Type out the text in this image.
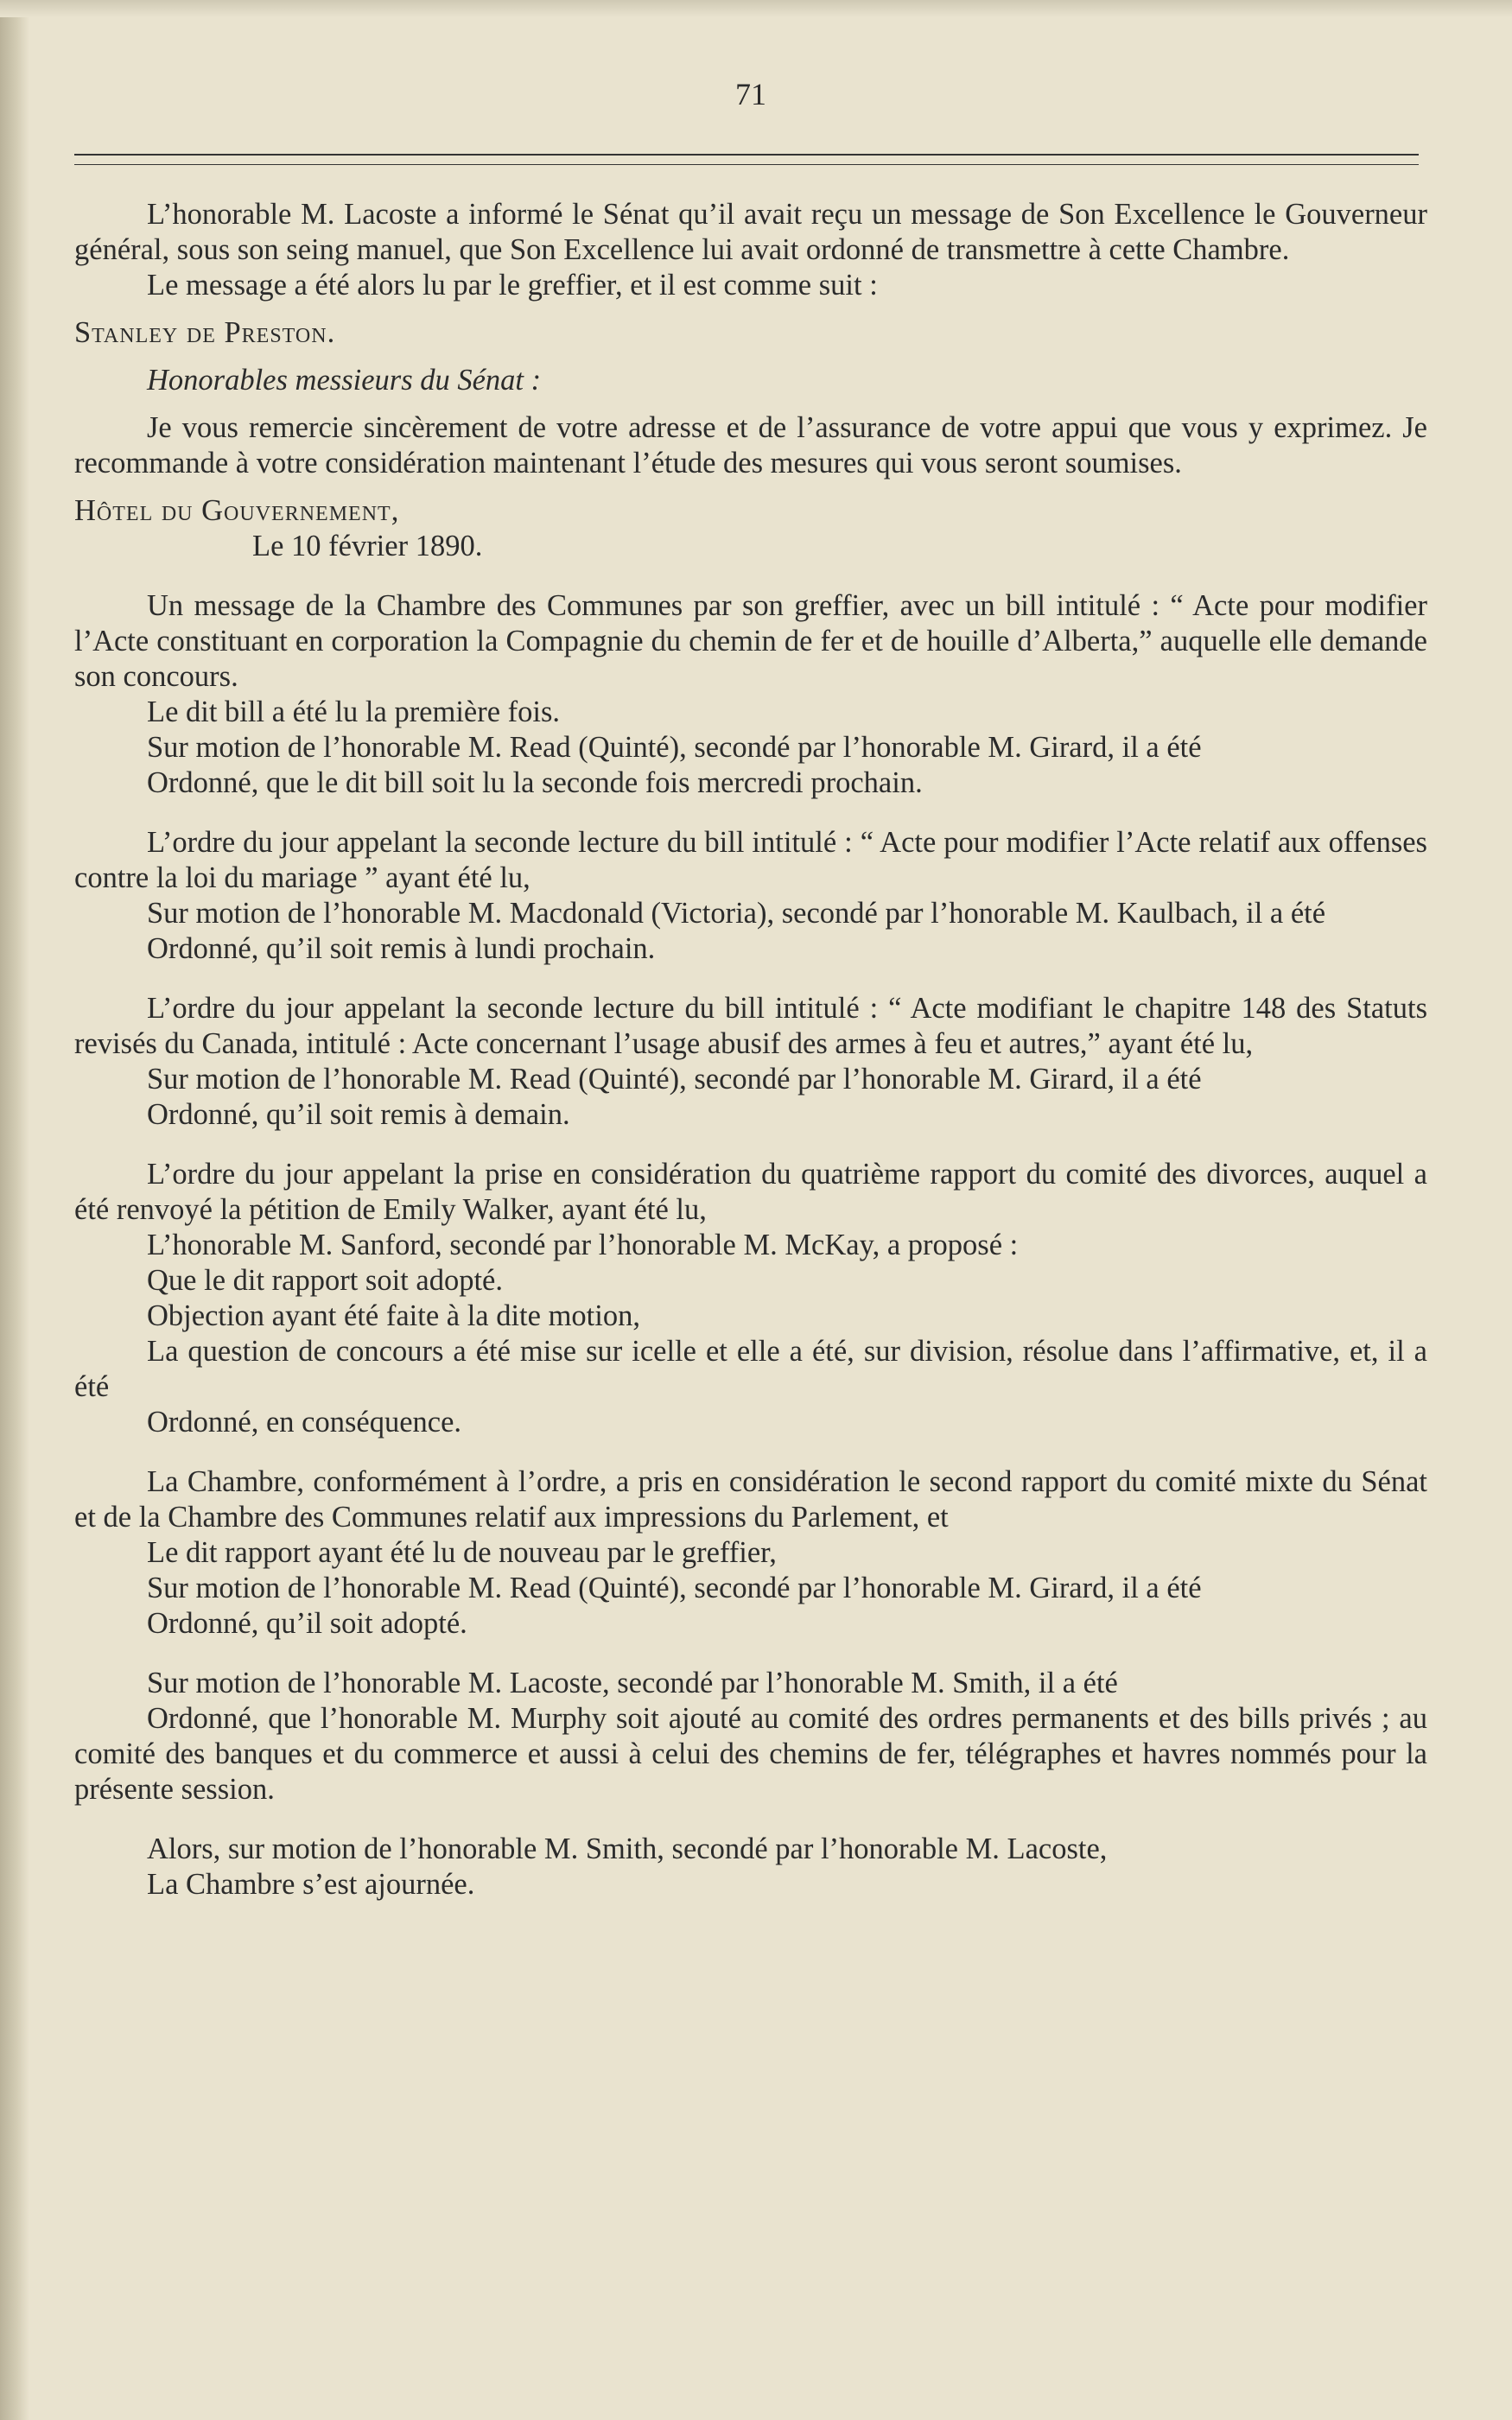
71

L’honorable M. Lacoste a informé le Sénat qu’il avait reçu un message de Son Excellence le Gouverneur général, sous son seing manuel, que Son Excellence lui avait ordonné de transmettre à cette Chambre.

Le message a été alors lu par le greffier, et il est comme suit :

Stanley de Preston.

Honorables messieurs du Sénat :

Je vous remercie sincèrement de votre adresse et de l’assurance de votre appui que vous y exprimez. Je recommande à votre considération maintenant l’étude des mesures qui vous seront soumises.

Hôtel du Gouvernement,

Le 10 février 1890.

Un message de la Chambre des Communes par son greffier, avec un bill intitulé : “ Acte pour modifier l’Acte constituant en corporation la Compagnie du chemin de fer et de houille d’Alberta,” auquelle elle demande son concours.

Le dit bill a été lu la première fois.

Sur motion de l’honorable M. Read (Quinté), secondé par l’honorable M. Girard, il a été

Ordonné, que le dit bill soit lu la seconde fois mercredi prochain.

L’ordre du jour appelant la seconde lecture du bill intitulé : “ Acte pour modifier l’Acte relatif aux offenses contre la loi du mariage ” ayant été lu,

Sur motion de l’honorable M. Macdonald (Victoria), secondé par l’honorable M. Kaulbach, il a été

Ordonné, qu’il soit remis à lundi prochain.

L’ordre du jour appelant la seconde lecture du bill intitulé : “ Acte modifiant le chapitre 148 des Statuts revisés du Canada, intitulé : Acte concernant l’usage abusif des armes à feu et autres,” ayant été lu,

Sur motion de l’honorable M. Read (Quinté), secondé par l’honorable M. Girard, il a été

Ordonné, qu’il soit remis à demain.

L’ordre du jour appelant la prise en considération du quatrième rapport du comité des divorces, auquel a été renvoyé la pétition de Emily Walker, ayant été lu,

L’honorable M. Sanford, secondé par l’honorable M. McKay, a proposé :

Que le dit rapport soit adopté.

Objection ayant été faite à la dite motion,

La question de concours a été mise sur icelle et elle a été, sur division, résolue dans l’affirmative, et, il a été

Ordonné, en conséquence.

La Chambre, conformément à l’ordre, a pris en considération le second rapport du comité mixte du Sénat et de la Chambre des Communes relatif aux impressions du Parlement, et

Le dit rapport ayant été lu de nouveau par le greffier,

Sur motion de l’honorable M. Read (Quinté), secondé par l’honorable M. Girard, il a été

Ordonné, qu’il soit adopté.

Sur motion de l’honorable M. Lacoste, secondé par l’honorable M. Smith, il a été

Ordonné, que l’honorable M. Murphy soit ajouté au comité des ordres permanents et des bills privés ; au comité des banques et du commerce et aussi à celui des chemins de fer, télégraphes et havres nommés pour la présente session.

Alors, sur motion de l’honorable M. Smith, secondé par l’honorable M. Lacoste,

La Chambre s’est ajournée.
